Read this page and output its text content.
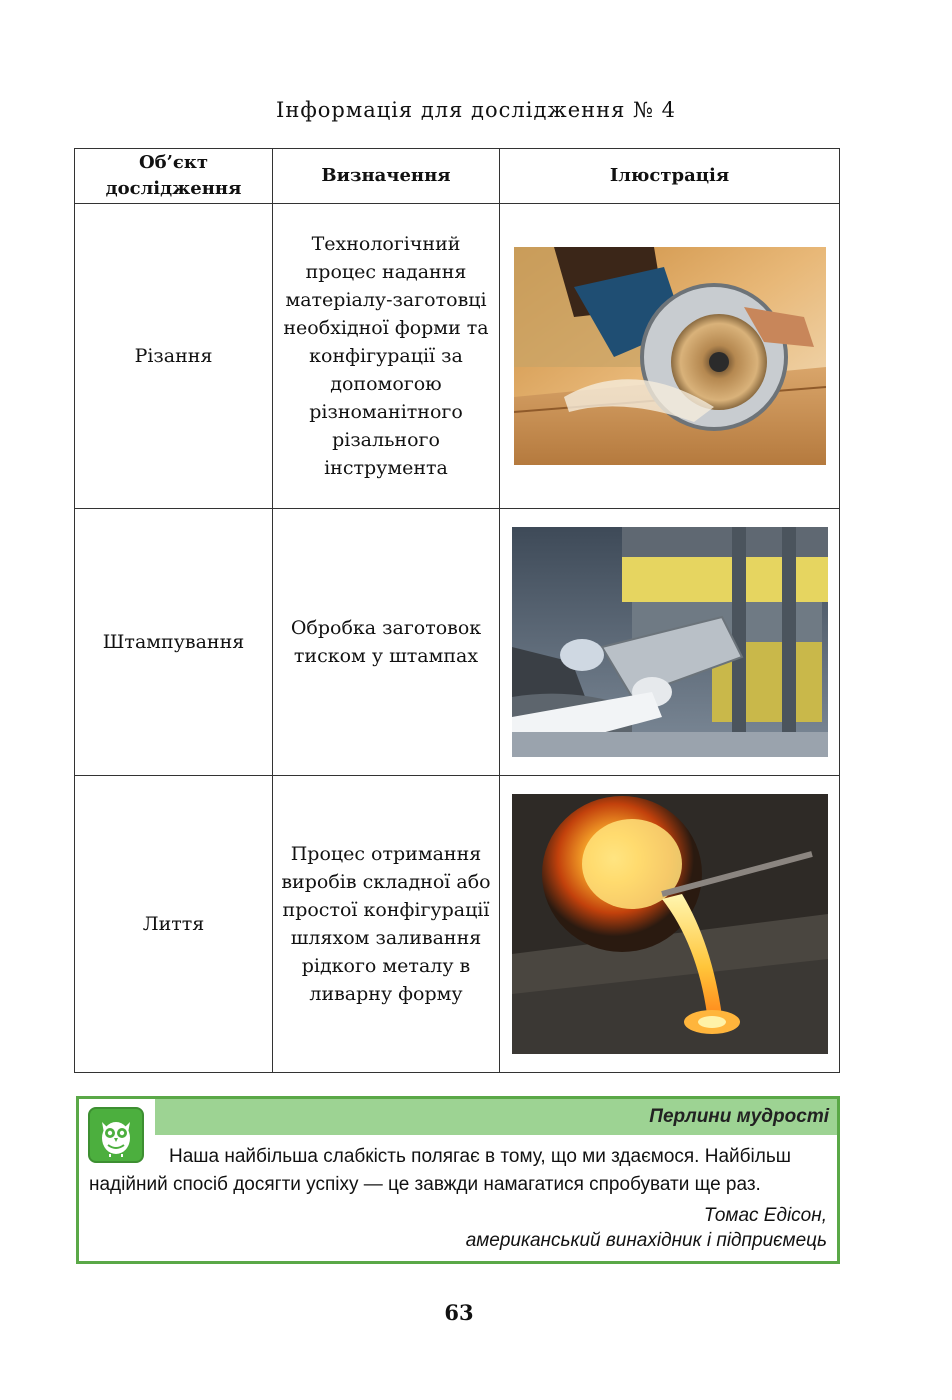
Інформація для дослідження № 4
Об’єкт дослідження	Визначення	Ілюстрація
Різання	Технологічний процес надання матеріалу-заготовці необхідної форми та конфігурації за допомогою різноманітного різального інструмента	

Штампування	Обробка заготовок тиском у штампах	

Лиття	Процес отримання виробів складної або простої конфігурації шляхом заливання рідкого металу в ливарну форму	
Перлини мудрості
Наша найбільша слабкість полягає в тому, що ми здаємося. Найбільш надійний спосіб досягти успіху — це завжди намагатися спробувати ще раз.
Томас Едісон,
американський винахідник і підприємець
63
